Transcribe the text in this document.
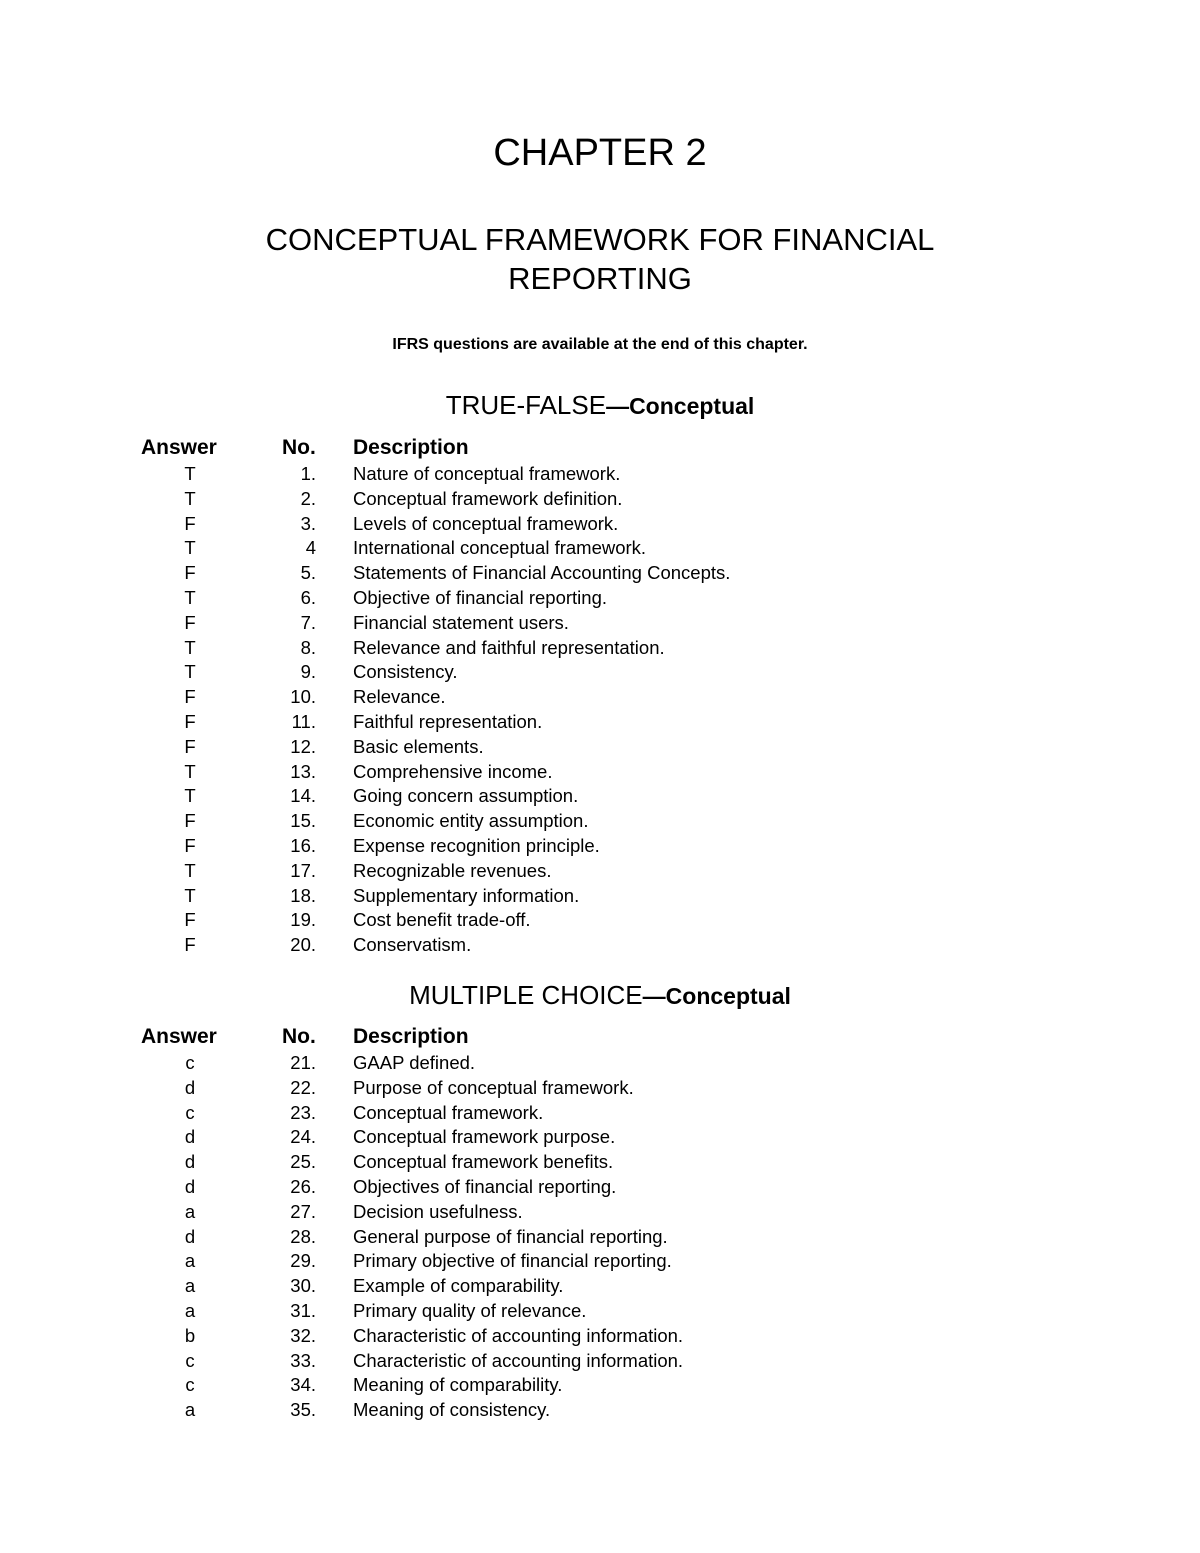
CHAPTER 2
CONCEPTUAL FRAMEWORK FOR FINANCIAL
REPORTING
IFRS questions are available at the end of this chapter.
TRUE-FALSE—Conceptual
Answer	No. Description
T	1. Nature of conceptual framework.
T	2. Conceptual framework definition.
F	3. Levels of conceptual framework.
T	4 International conceptual framework.
F	5. Statements of Financial Accounting Concepts.
T	6. Objective of financial reporting.
F	7. Financial statement users.
T	8. Relevance and faithful representation.
T	9. Consistency.
F	10. Relevance.
F	11. Faithful representation.
F	12. Basic elements.
T	13. Comprehensive income.
T	14. Going concern assumption.
F	15. Economic entity assumption.
F	16. Expense recognition principle.
T	17. Recognizable revenues.
T	18. Supplementary information.
F	19. Cost benefit trade-off.
F	20. Conservatism.
MULTIPLE CHOICE—Conceptual
Answer	No. Description
c	21. GAAP defined.
d	22. Purpose of conceptual framework.
c	23. Conceptual framework.
d	24. Conceptual framework purpose.
d	25. Conceptual framework benefits.
d	26. Objectives of financial reporting.
a	27. Decision usefulness.
d	28. General purpose of financial reporting.
a	29. Primary objective of financial reporting.
a	30. Example of comparability.
a	31. Primary quality of relevance.
b	32. Characteristic of accounting information.
c	33. Characteristic of accounting information.
c	34. Meaning of comparability.
a	35. Meaning of consistency.
